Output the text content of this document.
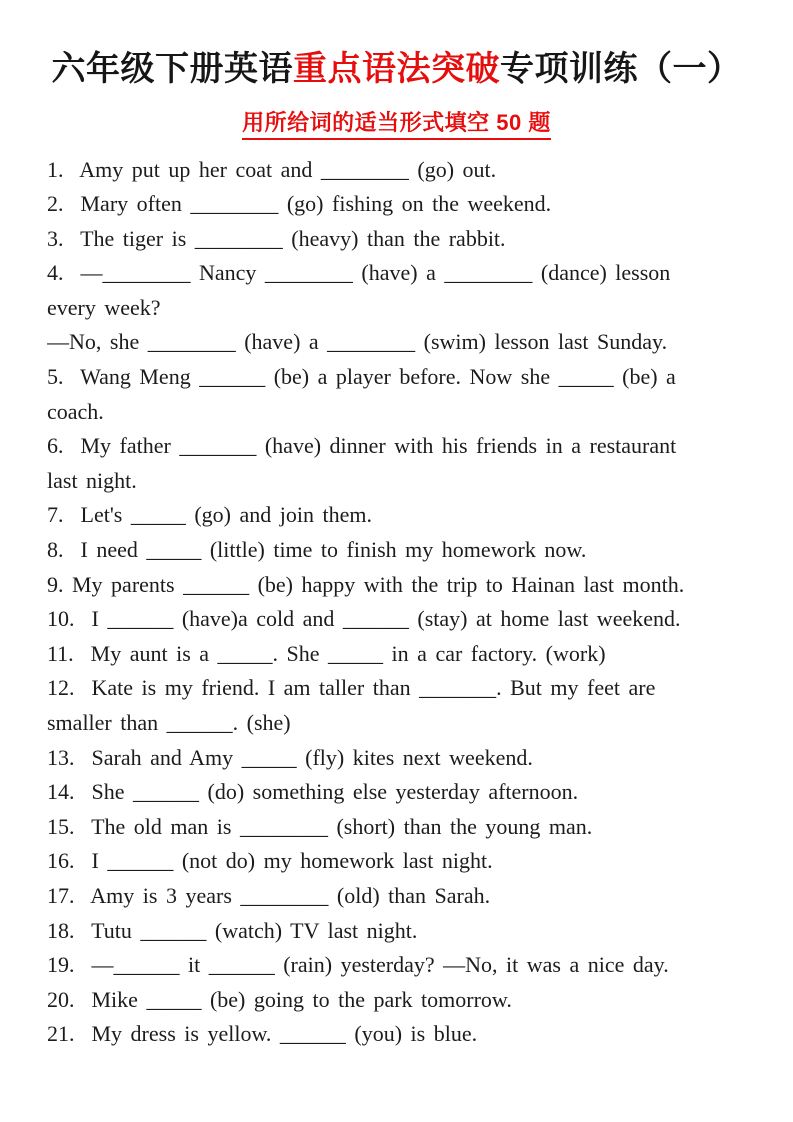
六年级下册英语重点语法突破专项训练（一）
用所给词的适当形式填空 50 题
1.  Amy put up her coat and ________ (go) out.
2.  Mary often ________ (go) fishing on the weekend.
3.  The tiger is ________ (heavy) than the rabbit.
4.  —________ Nancy ________ (have) a ________ (dance) lesson
every week?
—No, she ________ (have) a ________ (swim) lesson last Sunday.
5.  Wang Meng ______ (be) a player before. Now she _____ (be) a
coach.
6.  My father _______ (have) dinner with his friends in a restaurant
last night.
7.  Let's _____ (go) and join them.
8.  I need _____ (little) time to finish my homework now.
9. My parents ______ (be) happy with the trip to Hainan last month.
10.  I ______ (have)a cold and ______ (stay) at home last weekend.
11.  My aunt is a _____. She _____ in a car factory. (work)
12.  Kate is my friend. I am taller than _______. But my feet are
smaller than ______. (she)
13.  Sarah and Amy _____ (fly) kites next weekend.
14.  She ______ (do) something else yesterday afternoon.
15.  The old man is ________ (short) than the young man.
16.  I ______ (not do) my homework last night.
17.  Amy is 3 years ________ (old) than Sarah.
18.  Tutu ______ (watch) TV last night.
19.  —______ it ______ (rain) yesterday? —No, it was a nice day.
20.  Mike _____ (be) going to the park tomorrow.
21.  My dress is yellow. ______ (you) is blue.
